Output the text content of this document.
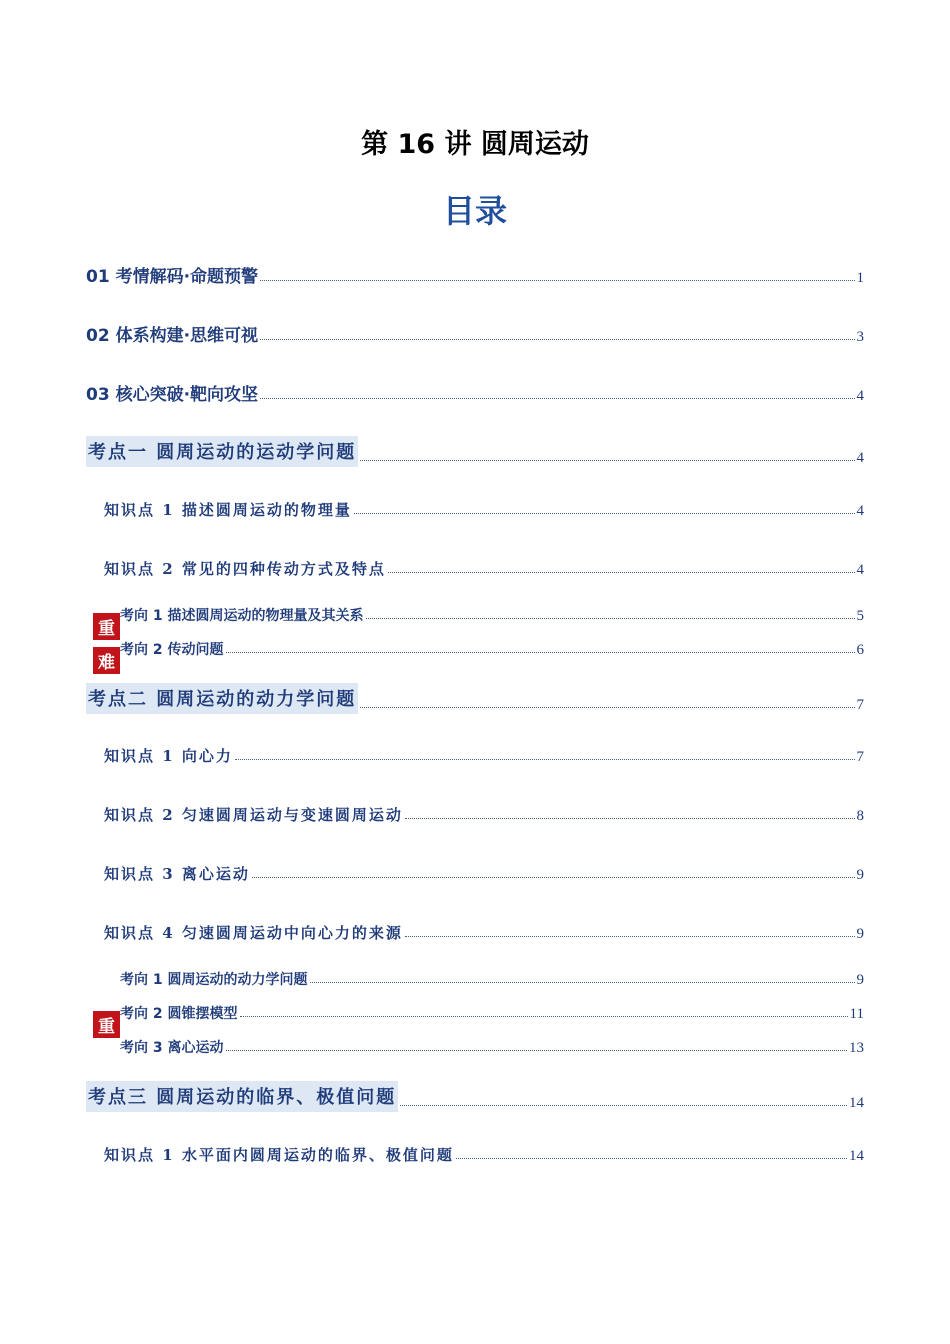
第 16 讲 圆周运动
目录
01 考情解码·命题预警	1
02 体系构建·思维可视	3
03 核心突破·靶向攻坚	4
考点一 圆周运动的运动学问题	4
知识点 1 描述圆周运动的物理量	4
知识点 2 常见的四种传动方式及特点	4
考向 1 描述圆周运动的物理量及其关系	5
考向 2 传动问题	6
考点二 圆周运动的动力学问题	7
知识点 1 向心力	7
知识点 2 匀速圆周运动与变速圆周运动	8
知识点 3 离心运动	9
知识点 4 匀速圆周运动中向心力的来源	9
考向 1 圆周运动的动力学问题	9
考向 2 圆锥摆模型	11
考向 3 离心运动	13
考点三 圆周运动的临界、极值问题	14
知识点 1 水平面内圆周运动的临界、极值问题	14
重
难
重
